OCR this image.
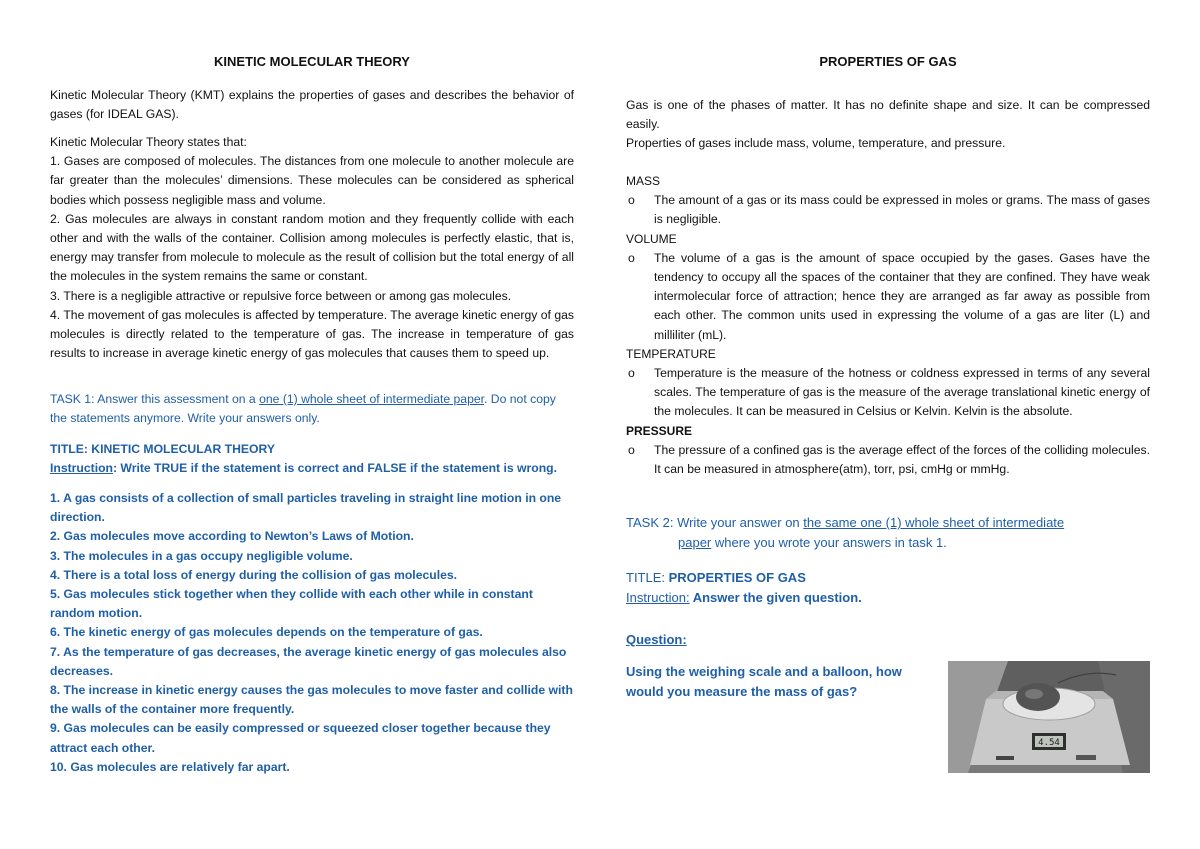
KINETIC MOLECULAR THEORY

Kinetic Molecular Theory (KMT) explains the properties of gases and describes the behavior of gases (for IDEAL GAS).

Kinetic Molecular Theory states that:

1. Gases are composed of molecules. The distances from one molecule to another molecule are far greater than the molecules’ dimensions. These molecules can be considered as spherical bodies which possess negligible mass and volume.

2. Gas molecules are always in constant random motion and they frequently collide with each other and with the walls of the container. Collision among molecules is perfectly elastic, that is, energy may transfer from molecule to molecule as the result of collision but the total energy of all the molecules in the system remains the same or constant.

3. There is a negligible attractive or repulsive force between or among gas molecules.

4. The movement of gas molecules is affected by temperature. The average kinetic energy of gas molecules is directly related to the temperature of gas. The increase in temperature of gas results to increase in average kinetic energy of gas molecules that causes them to speed up.

TASK 1: Answer this assessment on a one (1) whole sheet of intermediate paper. Do not copy the statements anymore. Write your answers only.

TITLE: KINETIC MOLECULAR THEORY

Instruction: Write TRUE if the statement is correct and FALSE if the statement is wrong.

1. A gas consists of a collection of small particles traveling in straight line motion in one direction.

2. Gas molecules move according to Newton’s Laws of Motion.

3. The molecules in a gas occupy negligible volume.

4. There is a total loss of energy during the collision of gas molecules.

5. Gas molecules stick together when they collide with each other while in constant random motion.

6. The kinetic energy of gas molecules depends on the temperature of gas.

7. As the temperature of gas decreases, the average kinetic energy of gas molecules also decreases.

8. The increase in kinetic energy causes the gas molecules to move faster and collide with the walls of the container more frequently.

9. Gas molecules can be easily compressed or squeezed closer together because they attract each other.

10. Gas molecules are relatively far apart.

PROPERTIES OF GAS

Gas is one of the phases of matter. It has no definite shape and size. It can be compressed easily.

Properties of gases include mass, volume, temperature, and pressure.

MASS

o	The amount of a gas or its mass could be expressed in moles or grams. The mass of gases is negligible.

VOLUME

o	The volume of a gas is the amount of space occupied by the gases. Gases have the tendency to occupy all the spaces of the container that they are confined. They have weak intermolecular force of attraction; hence they are arranged as far away as possible from each other. The common units used in expressing the volume of a gas are liter (L) and milliliter (mL).

TEMPERATURE

o	Temperature is the measure of the hotness or coldness expressed in terms of any several scales. The temperature of gas is the measure of the average translational kinetic energy of the molecules. It can be measured in Celsius or Kelvin. Kelvin is the absolute.

PRESSURE

o	The pressure of a confined gas is the average effect of the forces of the colliding molecules. It can be measured in atmosphere(atm), torr, psi, cmHg or mmHg.

TASK 2: Write your answer on the same one (1) whole sheet of intermediate

paper where you wrote your answers in task 1.

TITLE: PROPERTIES OF GAS

Instruction: Answer the given question.

Question:

Using the weighing scale and a balloon, how would you measure the mass of gas?

4.54
